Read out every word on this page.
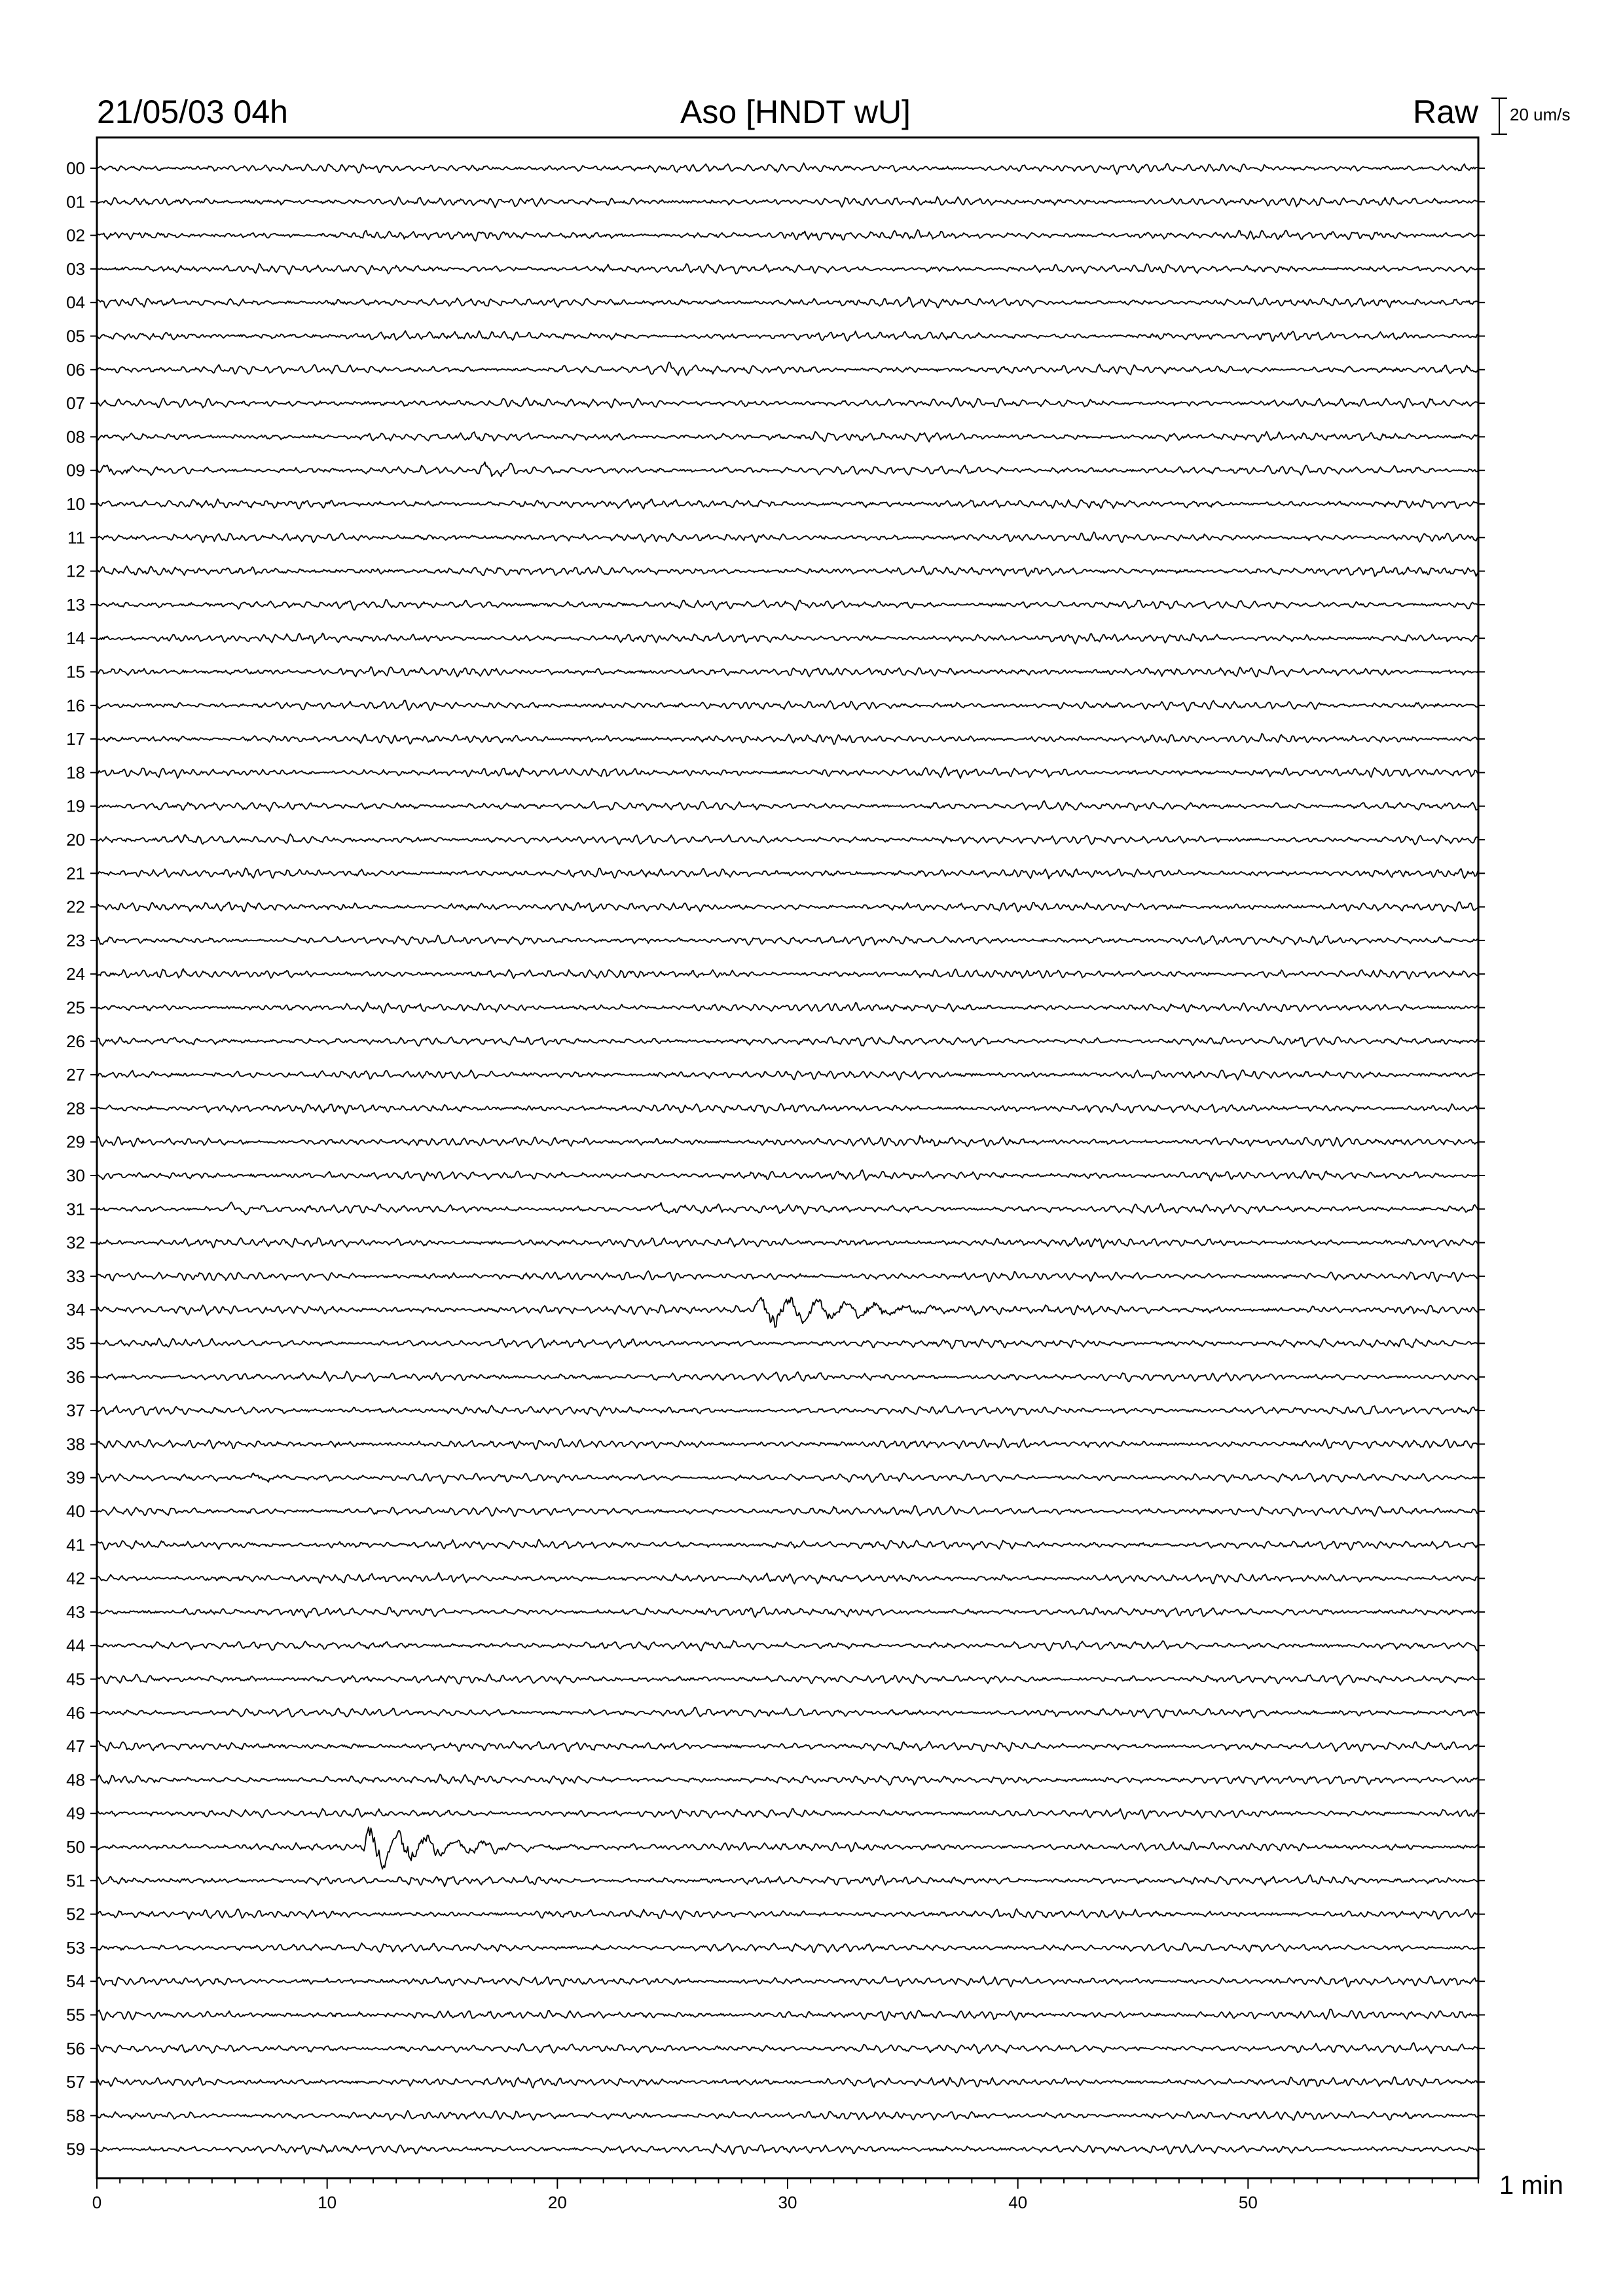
21/05/03 04h	Aso [HNDT wU]	Raw 20 um/s
00
01
02
03
04
05
06
07
08
09
10
11
12
13
14
15
16
17
18
19
20
21
22
23
24
25
26
27
28
29
30
31
32
33
34
35
36
37
38
39
40
41
42
43
44
45
46
47
48
49
50
51
52
53
54
55
56
57
58
59
0	10	20	30	40	50
1 min
